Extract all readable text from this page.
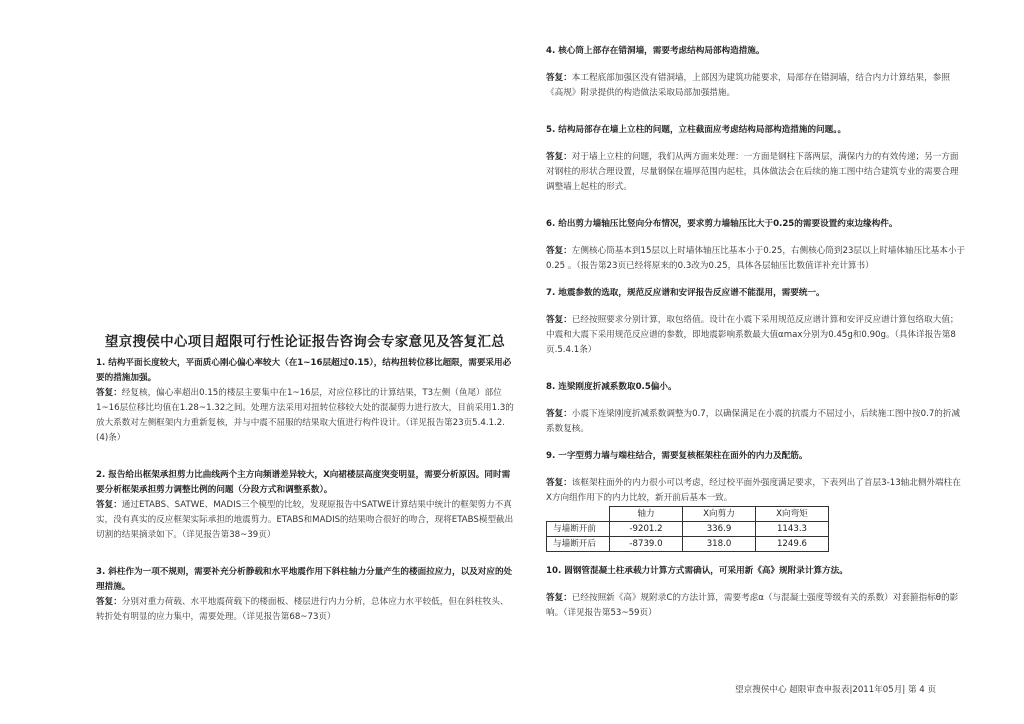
望京搜侯中心项目超限可行性论证报告咨询会专家意见及答复汇总

1. 结构平面长度较大，平面质心刚心偏心率较大（在1~16层超过0.15），结构扭转位移比超限，需要采用必要的措施加强。

答复：经复核，偏心率超出0.15的楼层主要集中在1~16层，对应位移比的计算结果，T3左侧（鱼尾）部位1~16层位移比均值在1.28~1.32之间。处理方法采用对扭转位移较大处的混凝剪力进行放大，目前采用1.3的放大系数对左侧框架内力重新复核，并与中震不屈服的结果取大值进行构件设计。（详见报告第23页5.4.1.2.(4)条）

2. 报告给出框架承担剪力比曲线两个主方向频谱差异较大，X向裙楼层高度突变明显，需要分析原因。同时需要分析框架承担剪力调整比例的问题（分段方式和调整系数）。

答复：通过ETABS、SATWE、MADIS三个模型的比较，发现原报告中SATWE计算结果中统计的框架剪力不真实，没有真实的反应框架实际承担的地震剪力。ETABS和MADIS的结果吻合很好的吻合，现将ETABS模型截出切割的结果摘录如下。（详见报告第38~39页）

3. 斜柱作为一项不规则，需要补充分析静载和水平地震作用下斜柱轴力分量产生的楼面拉应力，以及对应的处理措施。

答复：分别对重力荷载、水平地震荷载下的楼面板、楼层进行内力分析，总体应力水平较低，但在斜柱牧头、转折处有明显的应力集中，需要处理。（详见报告第68~73页）

4. 核心筒上部存在错洞墙，需要考虑结构局部构造措施。

答复：本工程底部加强区没有错洞墙，上部因为建筑功能要求，局部存在错洞墙，结合内力计算结果，参照《高规》附录提供的构造做法采取局部加强措施。

5. 结构局部存在墙上立柱的问题，立柱截面应考虑结构局部构造措施的问题。。

答复：对于墙上立柱的问题，我们从两方面来处理：一方面是钢柱下落两层，满保内力的有效传递；另一方面对钢柱的形状合理设置，尽量钢保在墙厚范围内起柱，具体做法会在后续的施工图中结合建筑专业的需要合理调整墙上起柱的形式。

6. 给出剪力墙轴压比竖向分布情况，要求剪力墙轴压比大于0.25的需要设置约束边缘构件。

答复：左侧核心筒基本到15层以上时墙体轴压比基本小于0.25，右侧核心筒到23层以上时墙体轴压比基本小于0.25 。（报告第23页已经将原来的0.3改为0.25，具体各层轴压比数值详补充计算书）

7. 地震参数的选取，规范反应谱和安评报告反应谱不能混用，需要统一。

答复：已经按照要求分别计算，取包络值。设计在小震下采用规范反应谱计算和安评反应谱计算包络取大值；中震和大震下采用规范反应谱的参数，即地震影响系数最大值αmax分别为0.45g和0.90g。（具体详报告第8页.5.4.1条）

8. 连梁刚度折减系数取0.5偏小。

答复：小震下连梁刚度折减系数调整为0.7，以确保满足在小震的抗震力不屈过小，后续施工图中按0.7的折减系数复核。

9. 一字型剪力墙与端柱结合，需要复核框架柱在面外的内力及配筋。

答复：该框架柱面外的内力很小可以考虑，经过校平面外强度满足要求，下表列出了首层3-13轴北侧外端柱在X方向组作用下的内力比较，新开前后基本一致。

	轴力	X向剪力	X向弯矩
与墙断开前	-9201.2	336.9	1143.3
与墙断开后	-8739.0	318.0	1249.6

10. 圆钢管混凝土柱承载力计算方式需确认，可采用新《高》规附录计算方法。

答复：已经按照新《高》规附录C的方法计算，需要考虑α（与混凝土强度等级有关的系数）对套箍指标θ的影响。（详见报告第53~59页）

望京搜侯中心 超限审查申报表|2011年05月| 第 4 页
